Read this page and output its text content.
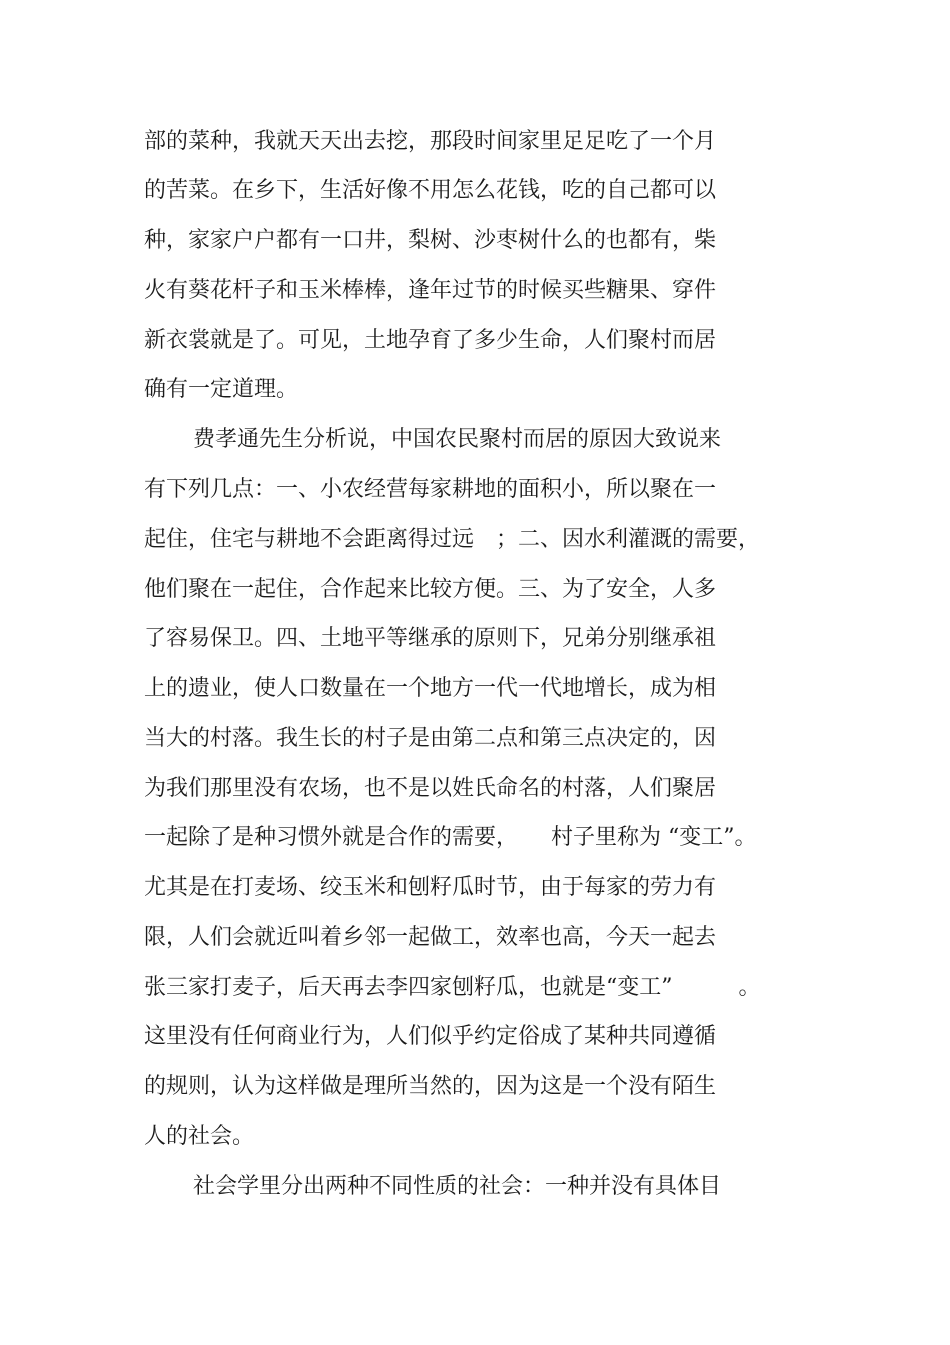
部的菜种，我就天天出去挖，那段时间家里足足吃了一个月
的苦菜。在乡下，生活好像不用怎么花钱，吃的自己都可以
种，家家户户都有一口井，梨树、沙枣树什么的也都有，柴
火有葵花杆子和玉米棒棒，逢年过节的时候买些糖果、穿件
新衣裳就是了。可见，土地孕育了多少生命，人们聚村而居
确有一定道理。
费孝通先生分析说，中国农民聚村而居的原因大致说来
有下列几点：一、小农经营每家耕地的面积小，所以聚在一
起住，住宅与耕地不会距离得过远　；二、因水利灌溉的需要，
他们聚在一起住，合作起来比较方便。三、为了安全，人多
了容易保卫。四、土地平等继承的原则下，兄弟分别继承祖
上的遗业，使人口数量在一个地方一代一代地增长，成为相
当大的村落。我生长的村子是由第二点和第三点决定的，因
为我们那里没有农场，也不是以姓氏命名的村落，人们聚居
一起除了是种习惯外就是合作的需要，　　村子里称为 “变工”。
尤其是在打麦场、绞玉米和刨籽瓜时节，由于每家的劳力有
限，人们会就近叫着乡邻一起做工，效率也高，今天一起去
张三家打麦子，后天再去李四家刨籽瓜，也就是“变工”　　　。
这里没有任何商业行为，人们似乎约定俗成了某种共同遵循
的规则，认为这样做是理所当然的，因为这是一个没有陌生
人的社会。
社会学里分出两种不同性质的社会：一种并没有具体目
